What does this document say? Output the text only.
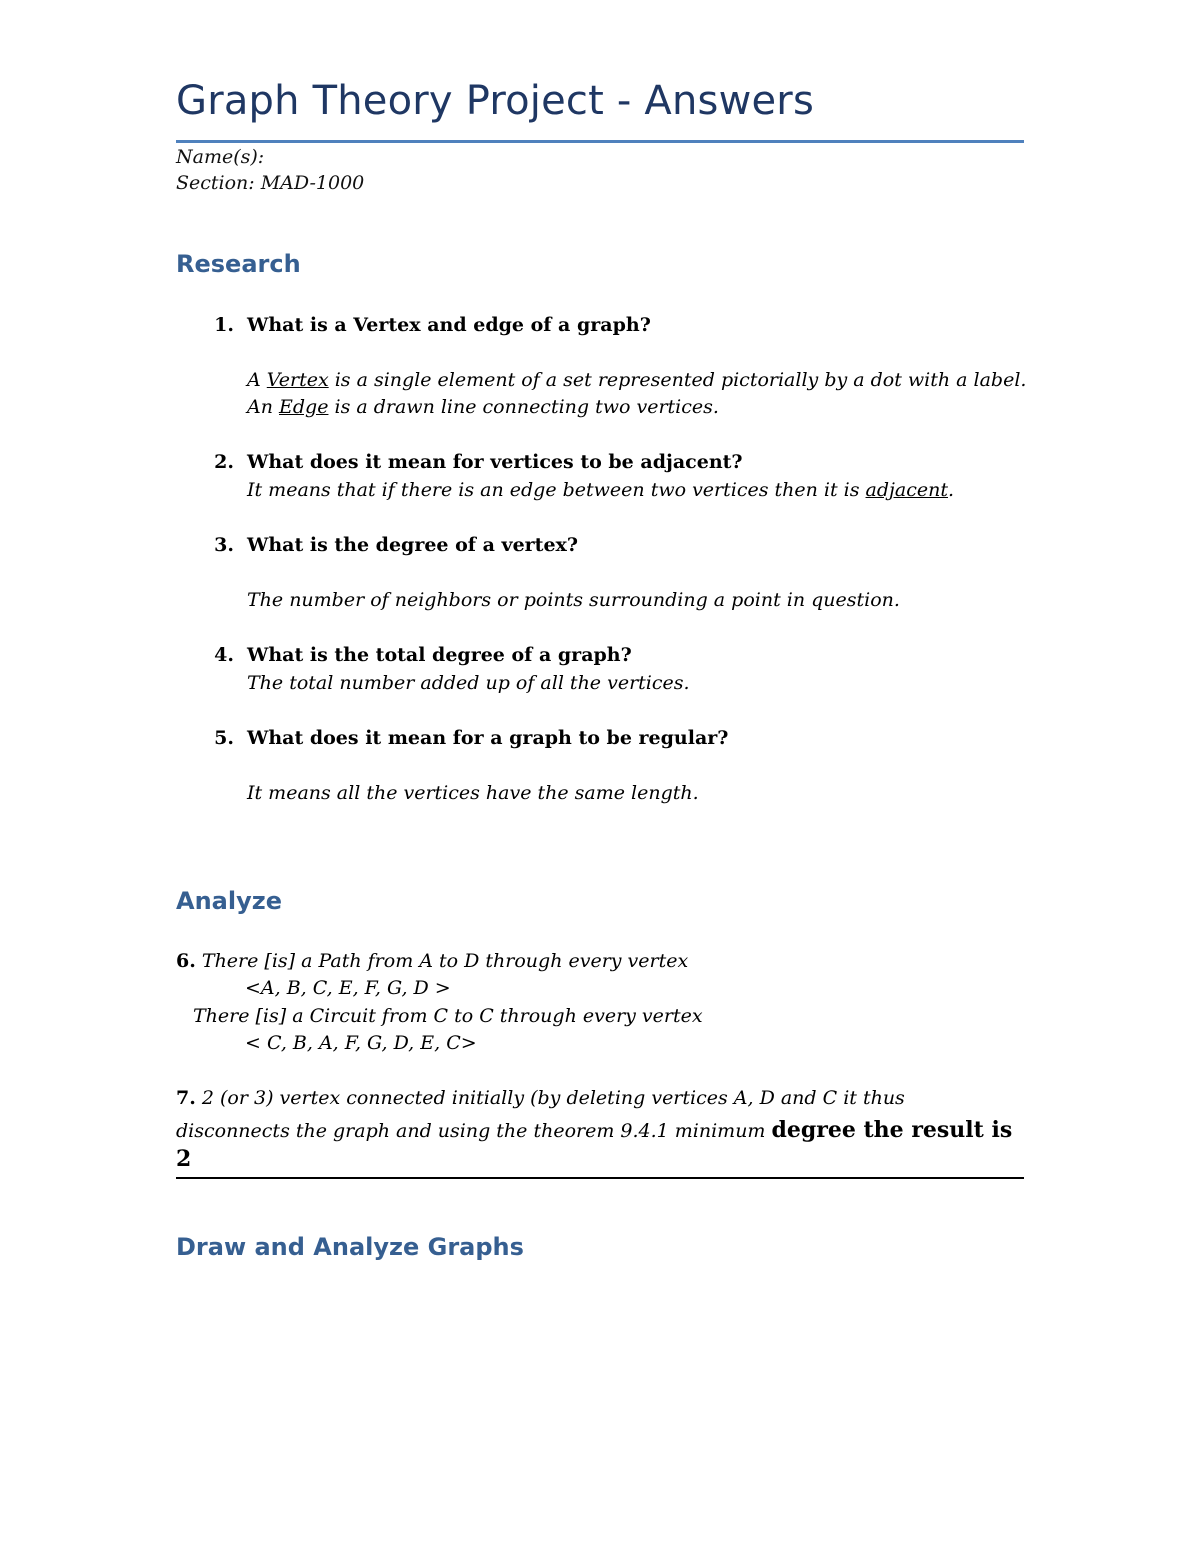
Graph Theory Project - Answers
Name(s):
Section: MAD-1000
Research
1. What is a Vertex and edge of a graph?
A Vertex is a single element of a set represented pictorially by a dot with a label.
An Edge is a drawn line connecting two vertices.
2. What does it mean for vertices to be adjacent?
It means that if there is an edge between two vertices then it is adjacent.
3. What is the degree of a vertex?
The number of neighbors or points surrounding a point in question.
4. What is the total degree of a graph?
The total number added up of all the vertices.
5. What does it mean for a graph to be regular?
It means all the vertices have the same length.
Analyze
6. There [is] a Path from A to D through every vertex
<A, B, C, E, F, G, D >
There [is] a Circuit from C to C through every vertex
< C, B, A, F, G, D, E, C>
7. 2 (or 3) vertex connected initially (by deleting vertices A, D and C it thus
disconnects the graph and using the theorem 9.4.1 minimum degree the result is
2
Draw and Analyze Graphs
